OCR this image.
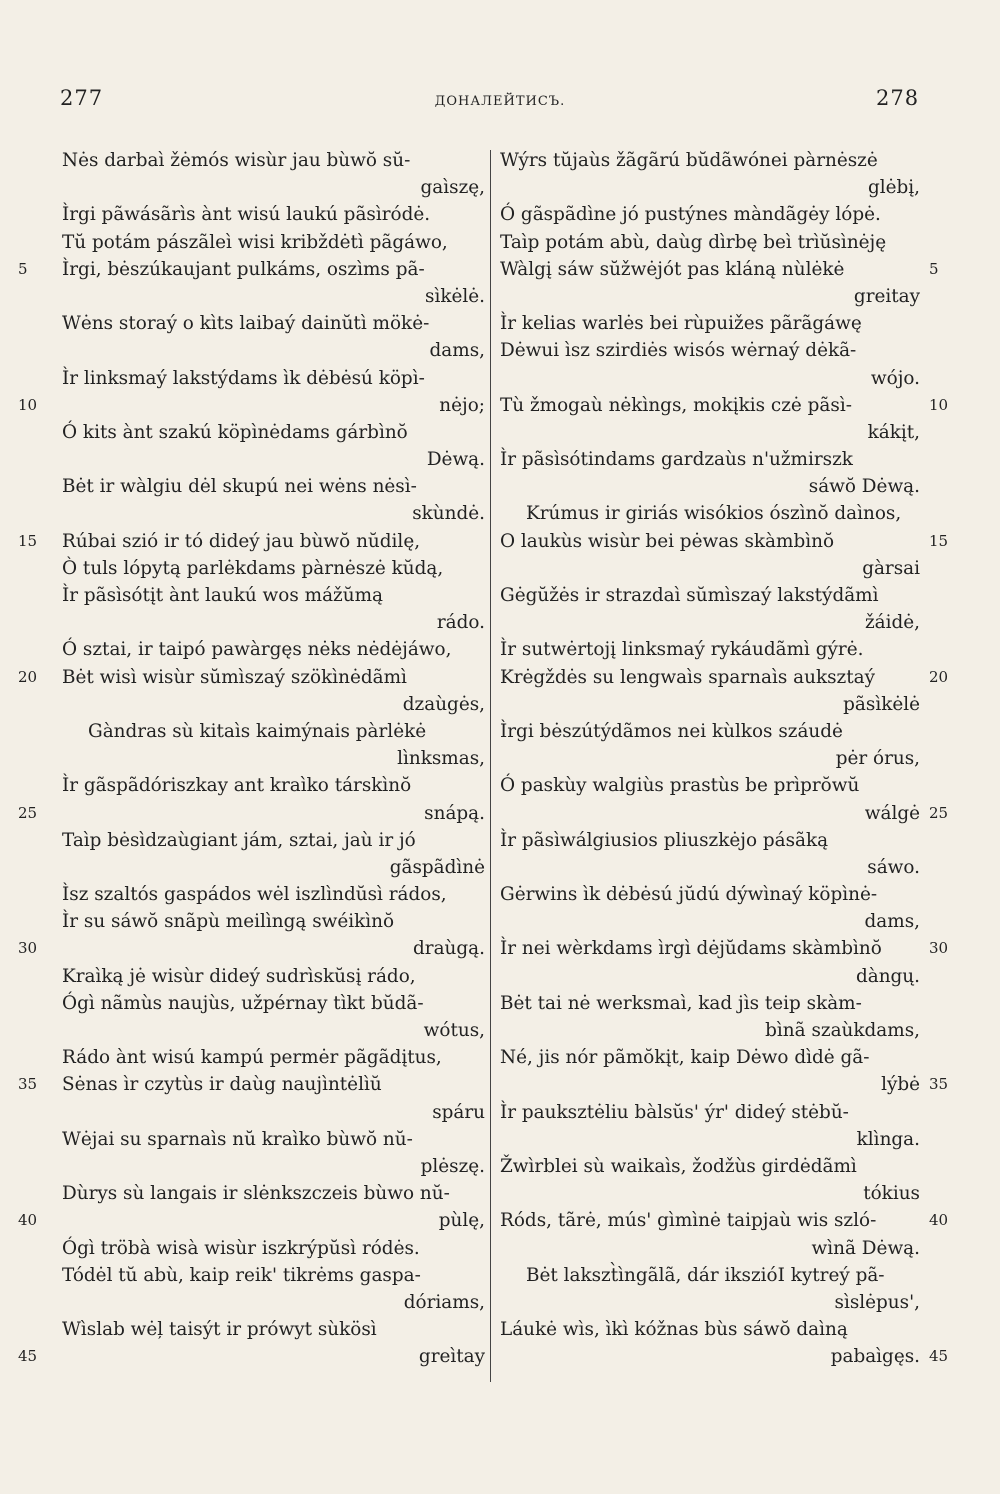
277	ДОНАЛЕЙТИСЪ.	278
Nės darbaì žėmós wisùr jau bùwŏ sŭ-
gaìszę,
Ìrgi pãwásãrìs ànt wisú laukú pãsìródė.
Tŭ potám pászãleì wisi kribždėtì pãgáwo,
Ìrgi, bėszúkaujant pulkáms, oszìms pã-
5
sìkėlė.
Wėns storaý o kìts laibaý dainŭtì mökė-
dams,
Ìr linksmaý lakstýdams ìk dėbėsú köpì-
nėjo;
10
Ó kits ànt szakú köpìnėdams gárbìnŏ
Dėwą.
Bėt ir wàlgiu dėl skupú nei wėns nėsì-
skùndė.
Rúbai szió ir tó dideý jau bùwŏ nŭdilę,
15
Ò tuls lópytą parlėkdams pàrnėszė kŭdą,
Ìr pãsìsótįt ànt laukú wos mážŭmą
rádo.
Ó sztai, ir taipó pawàrgęs nėks nėdėjáwo,
Bėt wisì wisùr sŭmìszaý szökìnėdãmì
20
dzaùgės,
Gàndras sù kitaìs kaimýnais pàrlėkė
lìnksmas,
Ìr gãspãdóriszkay ant kraìko társkìnŏ
snápą.
25
Taìp bėsìdzaùgiant jám, sztai, jaù ir jó
gãspãdìnė
Ìsz szaltós gaspádos wėl iszlìndŭsì rádos,
Ìr su sáwŏ snãpù meilìngą swéikìnŏ
draùgą.
30
Kraìką jė wisùr dideý sudrìskŭsį rádo,
Ógì nãmùs naujùs, užpérnay tìkt bŭdã-
wótus,
Rádo ànt wisú kampú permėr pãgãdįtus,
Sėnas ìr czytùs ir daùg naujìntėlìŭ
35
spáru
Wėjai su sparnaìs nŭ kraìko bùwŏ nŭ-
plėszę.
Dùrys sù langais ir slėnkszczeis bùwo nŭ-
pùlę,
40
Ógì tröbà wisà wisùr iszkrýpŭsì ródės.
Tódėl tŭ abù, kaip reik' tikrėms gaspa-
dóriams,
Wìslab wėļ taisýt ir prówyt sùkösì
greìtay
45
Wýrs tŭjaùs žãgãrú bŭdãwónei pàrnėszė
glėbį,
Ó gãspãdìne jó pustýnes màndãgėy lópė.
Taìp potám abù, daùg dìrbę beì trìŭsìnėję
Wàlgį sáw sŭžwėjót pas kláną nùlėkė	5
greitay
Ìr kelias warlės bei rùpuižes pãrãgáwę
Dėwui ìsz szirdiės wisós wėrnaý dėkã-
wójo.
Tù žmogaù nėkìngs, mokįkis czė pãsì-	10
kákįt,
Ìr pãsìsótindams gardzaùs n'užmirszk
sáwŏ Dėwą.
Krúmus ir giriás wisókios ószìnŏ daìnos,
O laukùs wisùr bei pėwas skàmbìnŏ	15
gàrsai
Gėgŭžės ir strazdaì sŭmìszaý lakstýdãmì
žáidė,
Ìr sutwėrtojį linksmaý rykáudãmì gýrė.
Krėgždės su lengwaìs sparnaìs auksztaý	20
pãsìkėlė
Ìrgi bėszútýdãmos nei kùlkos száudė
pėr órus,
Ó paskùy walgiùs prastùs be prìprŏwŭ
wálgė 25
Ìr pãsìwálgiusios pliuszkėjo pásãką
sáwo.
Gėrwins ìk dėbėsú jŭdú dýwìnaý köpìnė-
dams,
Ìr nei wèrkdams ìrgì dėjŭdams skàmbìnŏ	30
dàngų.
Bėt tai nė werksmaì, kad jìs teip skàm-
bìnã szaùkdams,
Né, jis nór pãmŏkįt, kaip Dėwo dìdė gã-
lýbė 35
Ìr pauksztėliu bàlsŭs' ýr' dideý stėbŭ-
klìnga.
Žwìrblei sù waikaìs, žodžùs girdėdãmì
tókius
Róds, tãrė, mús' gìmìnė taipjaù wis szló-	40
wìnã Dėwą.
Bėt lakszt̀ìngãlã, dár ikszióI kytreý pã-
sìslėpus',
Láukė wìs, ìkì kóžnas bùs sáwŏ daìną
pabaìgęs. 45
